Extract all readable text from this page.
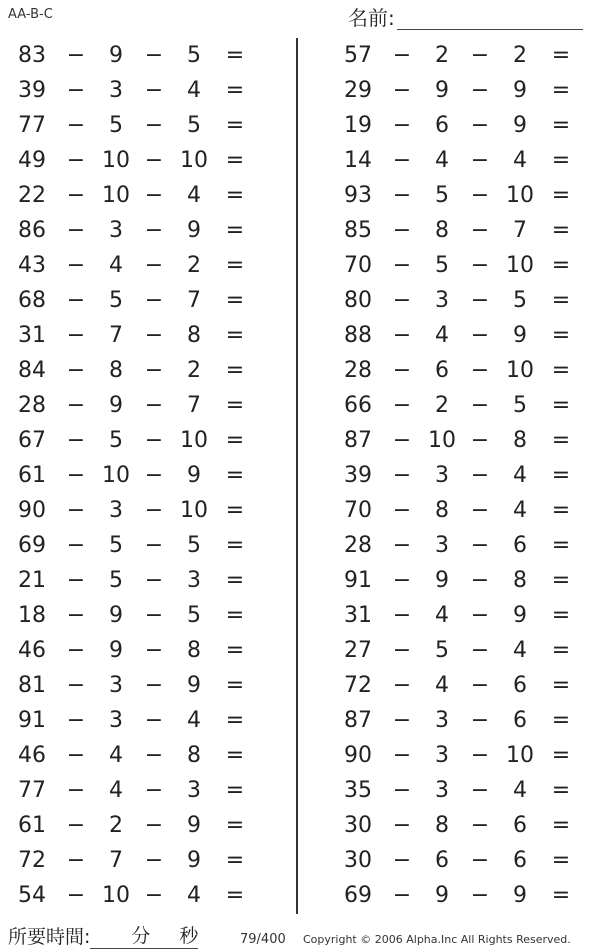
AA-B-C	名前:
83 −	9 −	5	=
39 −	3 −	4	=
77 −	5 −	5	=
49 − 10 − 10 =
22 − 10 −	4	=
86 −	3 −	9	=
43 −	4 −	2	=
68 −	5 −	7	=
31 −	7 −	8	=
84 −	8 −	2	=
28 −	9 −	7	=
67 −	5 − 10 =
61 − 10 −	9	=
90 −	3 − 10 =
69 −	5 −	5	=
21 −	5 −	3	=
18 −	9 −	5	=
46 −	9 −	8	=
81 −	3 −	9	=
91 −	3 −	4	=
46 −	4 −	8	=
77 −	4 −	3	=
61 −	2 −	9	=
72 −	7 −	9	=
54 − 10 −	4	=
57 −	2 −	2	=
29 −	9 −	9	=
19 −	6 −	9	=
14 −	4 −	4	=
93 −	5 − 10 =
85 −	8 −	7	=
70 −	5 − 10 =
80 −	3 −	5	=
88 −	4 −	9	=
28 −	6 − 10 =
66 −	2 −	5	=
87 − 10 −	8	=
39 −	3 −	4	=
70 −	8 −	4	=
28 −	3 −	6	=
91 −	9 −	8	=
31 −	4 −	9	=
27 −	5 −	4	=
72 −	4 −	6	=
87 −	3 −	6	=
90 −	3 − 10 =
35 −	3 −	4	=
30 −	8 −	6	=
30 −	6 −	6	=
69 −	9 −	9	=
所要時間:	分	秒	79/400 Copyright © 2006 Alpha.Inc All Rights Reserved.
